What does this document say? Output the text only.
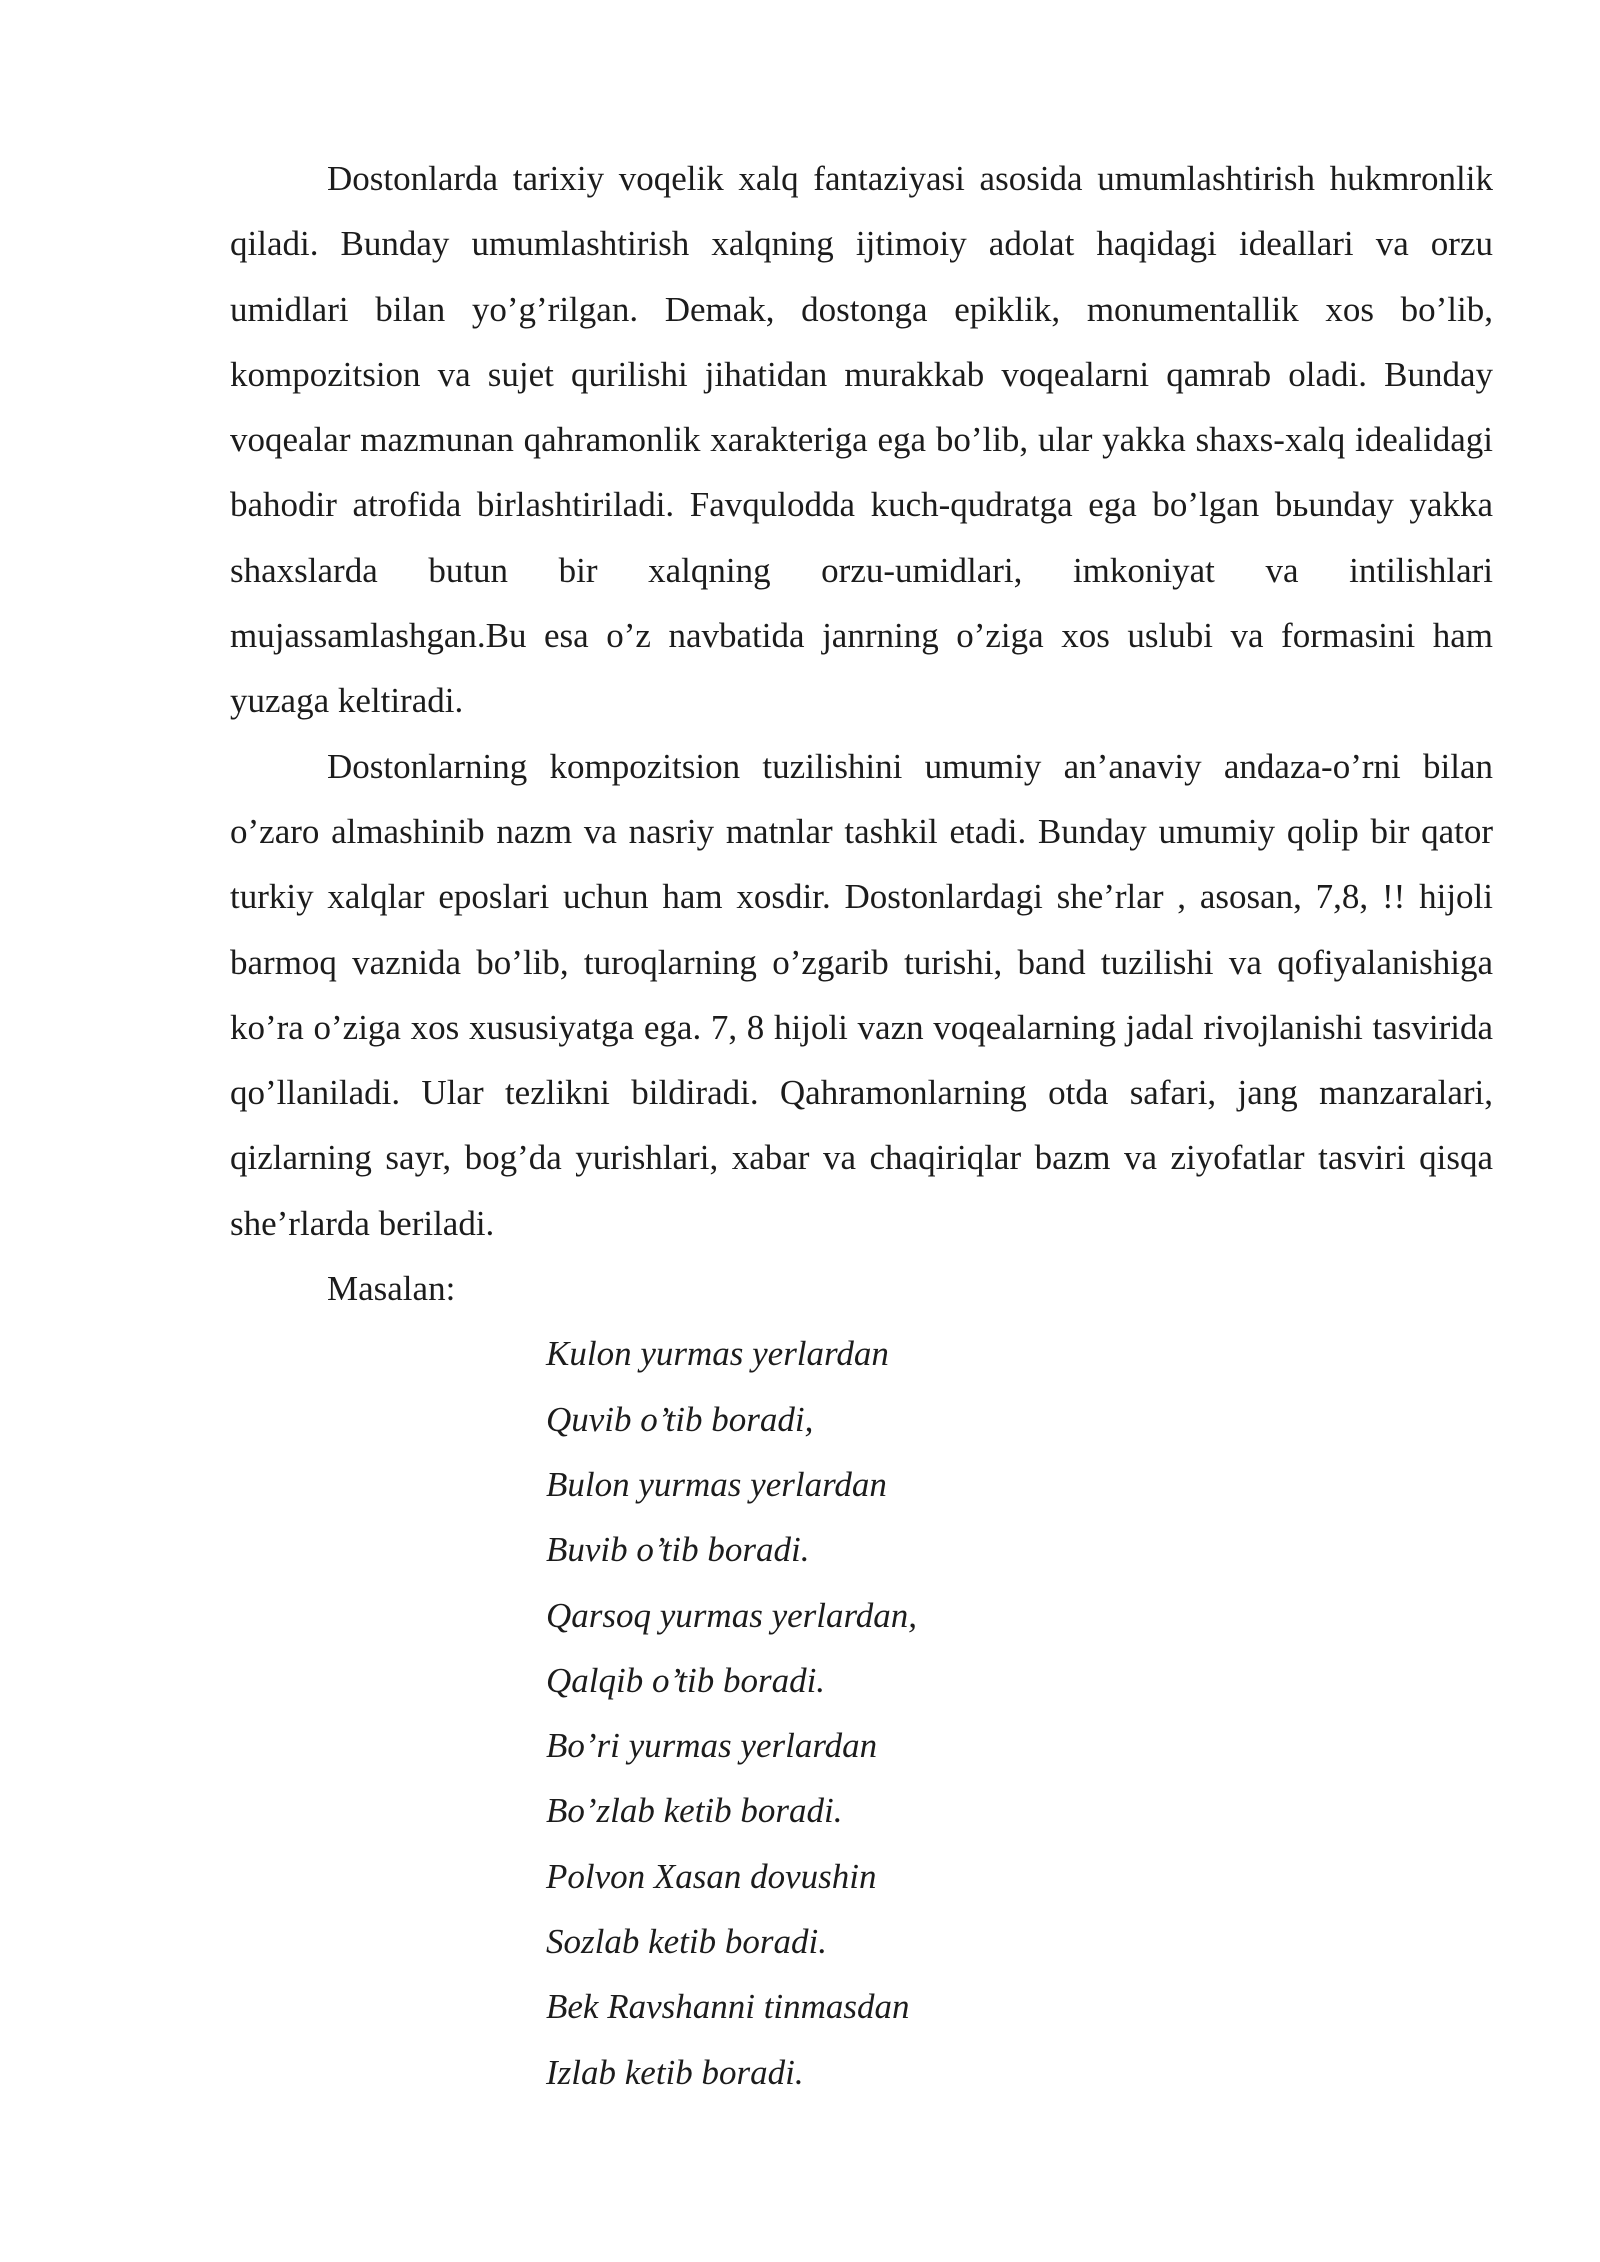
Dostonlarda tarixiy voqelik xalq fantaziyasi asosida umumlashtirish hukmronlik qiladi. Bunday umumlashtirish xalqning ijtimoiy adolat haqidagi ideallari va orzu umidlari bilan yo’g’rilgan. Demak, dostonga epiklik, monumentallik xos bo’lib, kompozitsion va sujet qurilishi jihatidan murakkab voqealarni qamrab oladi. Bunday voqealar mazmunan qahramonlik xarakteriga ega bo’lib, ular yakka shaxs-xalq idealidagi bahodir atrofida birlashtiriladi. Favqulodda kuch-qudratga ega bo’lgan bьunday yakka shaxslarda butun bir xalqning orzu-umidlari, imkoniyat va intilishlari mujassamlashgan.Bu esa o’z navbatida janrning o’ziga xos uslubi va formasini ham yuzaga keltiradi.

Dostonlarning kompozitsion tuzilishini umumiy an’anaviy andaza-o’rni bilan o’zaro almashinib nazm va nasriy matnlar tashkil etadi. Bunday umumiy qolip bir qator turkiy xalqlar eposlari uchun ham xosdir. Dostonlardagi she’rlar , asosan, 7,8, !! hijoli barmoq vaznida bo’lib, turoqlarning o’zgarib turishi, band tuzilishi va qofiyalanishiga ko’ra o’ziga xos xususiyatga ega. 7, 8 hijoli vazn voqealarning jadal rivojlanishi tasvirida qo’llaniladi. Ular tezlikni bildiradi. Qahramonlarning otda safari, jang manzaralari, qizlarning sayr, bog’da yurishlari, xabar va chaqiriqlar bazm va ziyofatlar tasviri qisqa she’rlarda beriladi.

Masalan:

Kulon yurmas yerlardan
Quvib o’tib boradi,
Bulon yurmas yerlardan
Buvib o’tib boradi.
Qarsoq yurmas yerlardan,
Qalqib o’tib boradi.
Bo’ri yurmas yerlardan
Bo’zlab ketib boradi.
Polvon Xasan dovushin
Sozlab ketib boradi.
Bek Ravshanni tinmasdan
Izlab ketib boradi.
